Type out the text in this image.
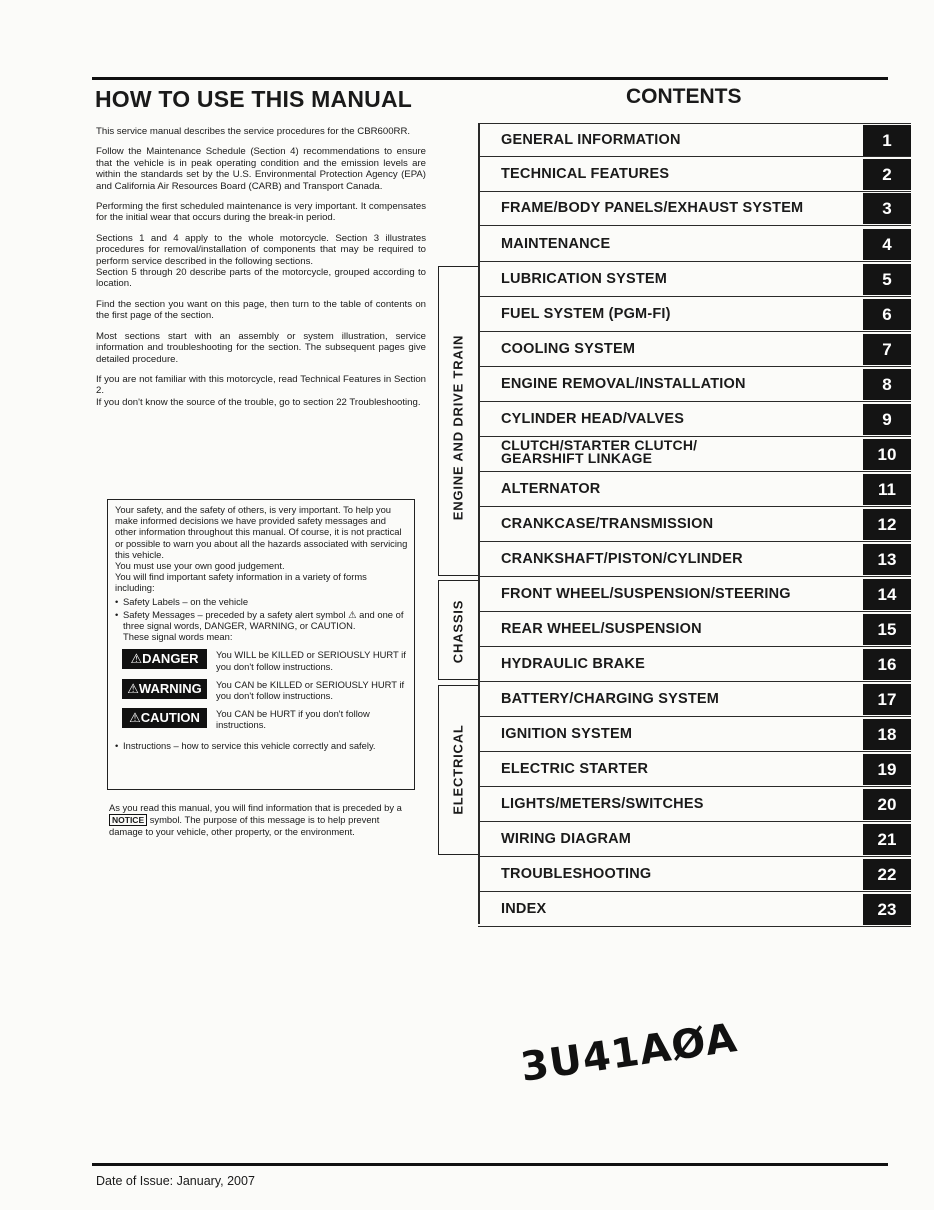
HOW TO USE THIS MANUAL	CONTENTS

This service manual describes the service procedures for the CBR600RR.

Follow the Maintenance Schedule (Section 4) recommendations to ensure that the vehicle is in peak operating condition and the emission levels are within the standards set by the U.S. Environmental Protection Agency (EPA) and California Air Resources Board (CARB) and Transport Canada.

Performing the first scheduled maintenance is very important. It compensates for the initial wear that occurs during the break-in period.

Sections 1 and 4 apply to the whole motorcycle. Section 3 illustrates procedures for removal/installation of components that may be required to perform service described in the following sections.

Section 5 through 20 describe parts of the motorcycle, grouped according to location.

Find the section you want on this page, then turn to the table of contents on the first page of the section.

Most sections start with an assembly or system illustration, service information and troubleshooting for the section. The subsequent pages give detailed procedure.

If you are not familiar with this motorcycle, read Technical Features in Section 2.

If you don't know the source of the trouble, go to section 22 Troubleshooting.

Your safety, and the safety of others, is very important. To help you make informed decisions we have provided safety messages and other information throughout this manual. Of course, it is not practical or possible to warn you about all the hazards associated with servicing this vehicle.

You must use your own good judgement.

You will find important safety information in a variety of forms including:

• Safety Labels – on the vehicle
• Safety Messages – preceded by a safety alert symbol ⚠ and one of three signal words, DANGER, WARNING, or CAUTION.
These signal words mean:
⚠DANGER	You WILL be KILLED or SERIOUSLY HURT if you don't follow instructions.
⚠WARNING	You CAN be KILLED or SERIOUSLY HURT if you don't follow instructions.
⚠CAUTION	You CAN be HURT if you don't follow instructions.
• Instructions – how to service this vehicle correctly and safely.
As you read this manual, you will find information that is preceded by a NOTICE symbol. The purpose of this message is to help prevent damage to your vehicle, other property, or the environment.
ENGINE AND DRIVE TRAIN
CHASSIS
ELECTRICAL
GENERAL INFORMATION	1
TECHNICAL FEATURES	2
FRAME/BODY PANELS/EXHAUST SYSTEM	3
MAINTENANCE	4
LUBRICATION SYSTEM	5
FUEL SYSTEM (PGM-FI)	6
COOLING SYSTEM	7
ENGINE REMOVAL/INSTALLATION	8
CYLINDER HEAD/VALVES	9
CLUTCH/STARTER CLUTCH/
GEARSHIFT LINKAGE	10
ALTERNATOR	11
CRANKCASE/TRANSMISSION	12
CRANKSHAFT/PISTON/CYLINDER	13
FRONT WHEEL/SUSPENSION/STEERING	14
REAR WHEEL/SUSPENSION	15
HYDRAULIC BRAKE	16
BATTERY/CHARGING SYSTEM	17
IGNITION SYSTEM	18
ELECTRIC STARTER	19
LIGHTS/METERS/SWITCHES	20
WIRING DIAGRAM	21
TROUBLESHOOTING	22
INDEX	23
3U41AØA
Date of Issue: January, 2007
